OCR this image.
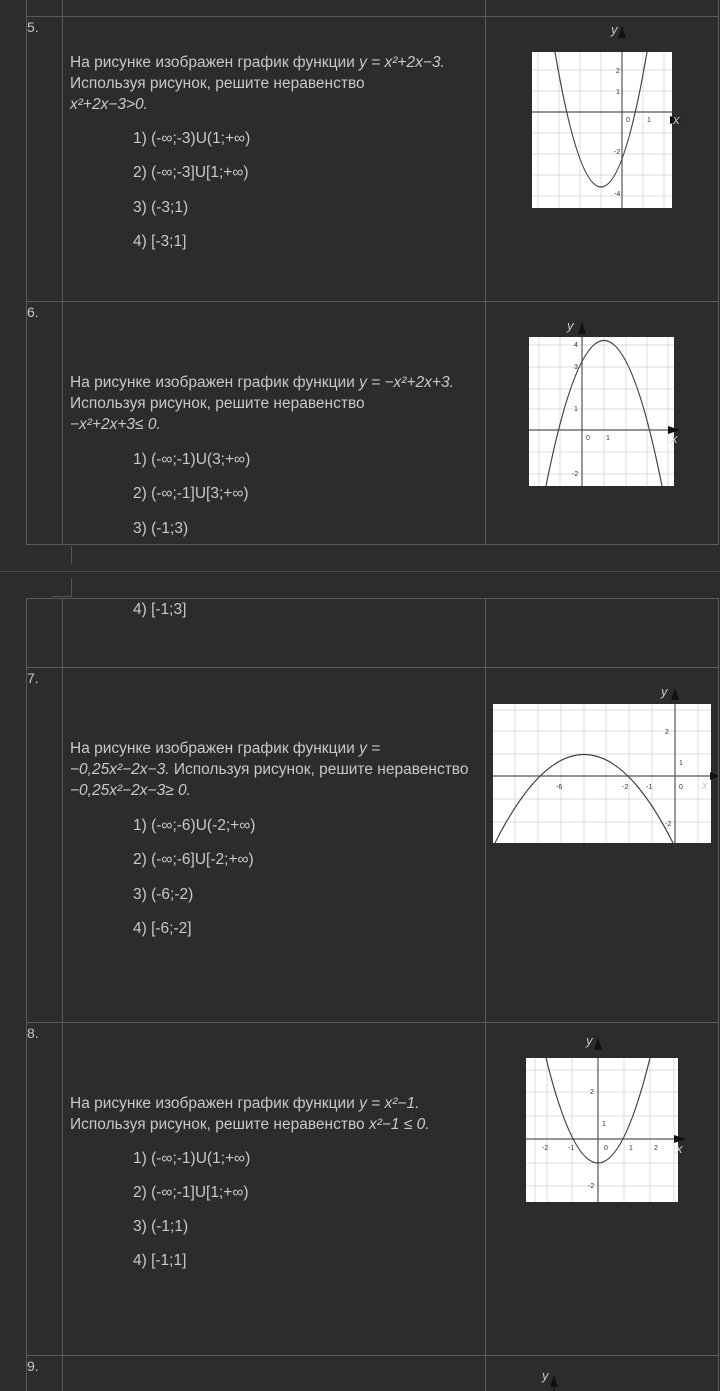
5.
На рисунке изображен график функции y = x²+2x−3. Используя рисунок, решите неравенство
x²+2x−3>0.
1) (-∞;-3)U(1;+∞)
2) (-∞;-3]U[1;+∞)
3) (-3;1)
4) [-3;1]
y
2
1
0 1
-2
-4
x
6.
На рисунке изображен график функции y = −x²+2x+3. Используя рисунок, решите неравенство
−x²+2x+3≤ 0.
1) (-∞;-1)U(3;+∞)
2) (-∞;-1]U[3;+∞)
3) (-1;3)
4) [-1;3]
y
4
3
1
0 1
-2
x
7.
На рисунке изображен график функции y = −0,25x²−2x−3. Используя рисунок, решите неравенство −0,25x²−2x−3≥ 0.
1) (-∞;-6)U(-2;+∞)
2) (-∞;-6]U[-2;+∞)
3) (-6;-2)
4) [-6;-2]
y
2
1
-6	-2	-1	0
-2
x
8.
На рисунке изображен график функции y = x²−1.
Используя рисунок, решите неравенство x²−1 ≤ 0.
1) (-∞;-1)U(1;+∞)
2) (-∞;-1]U[1;+∞)
3) (-1;1)
4) [-1;1]
y
2
1
-2	-1	0	1	2
-2
x
9.
y
